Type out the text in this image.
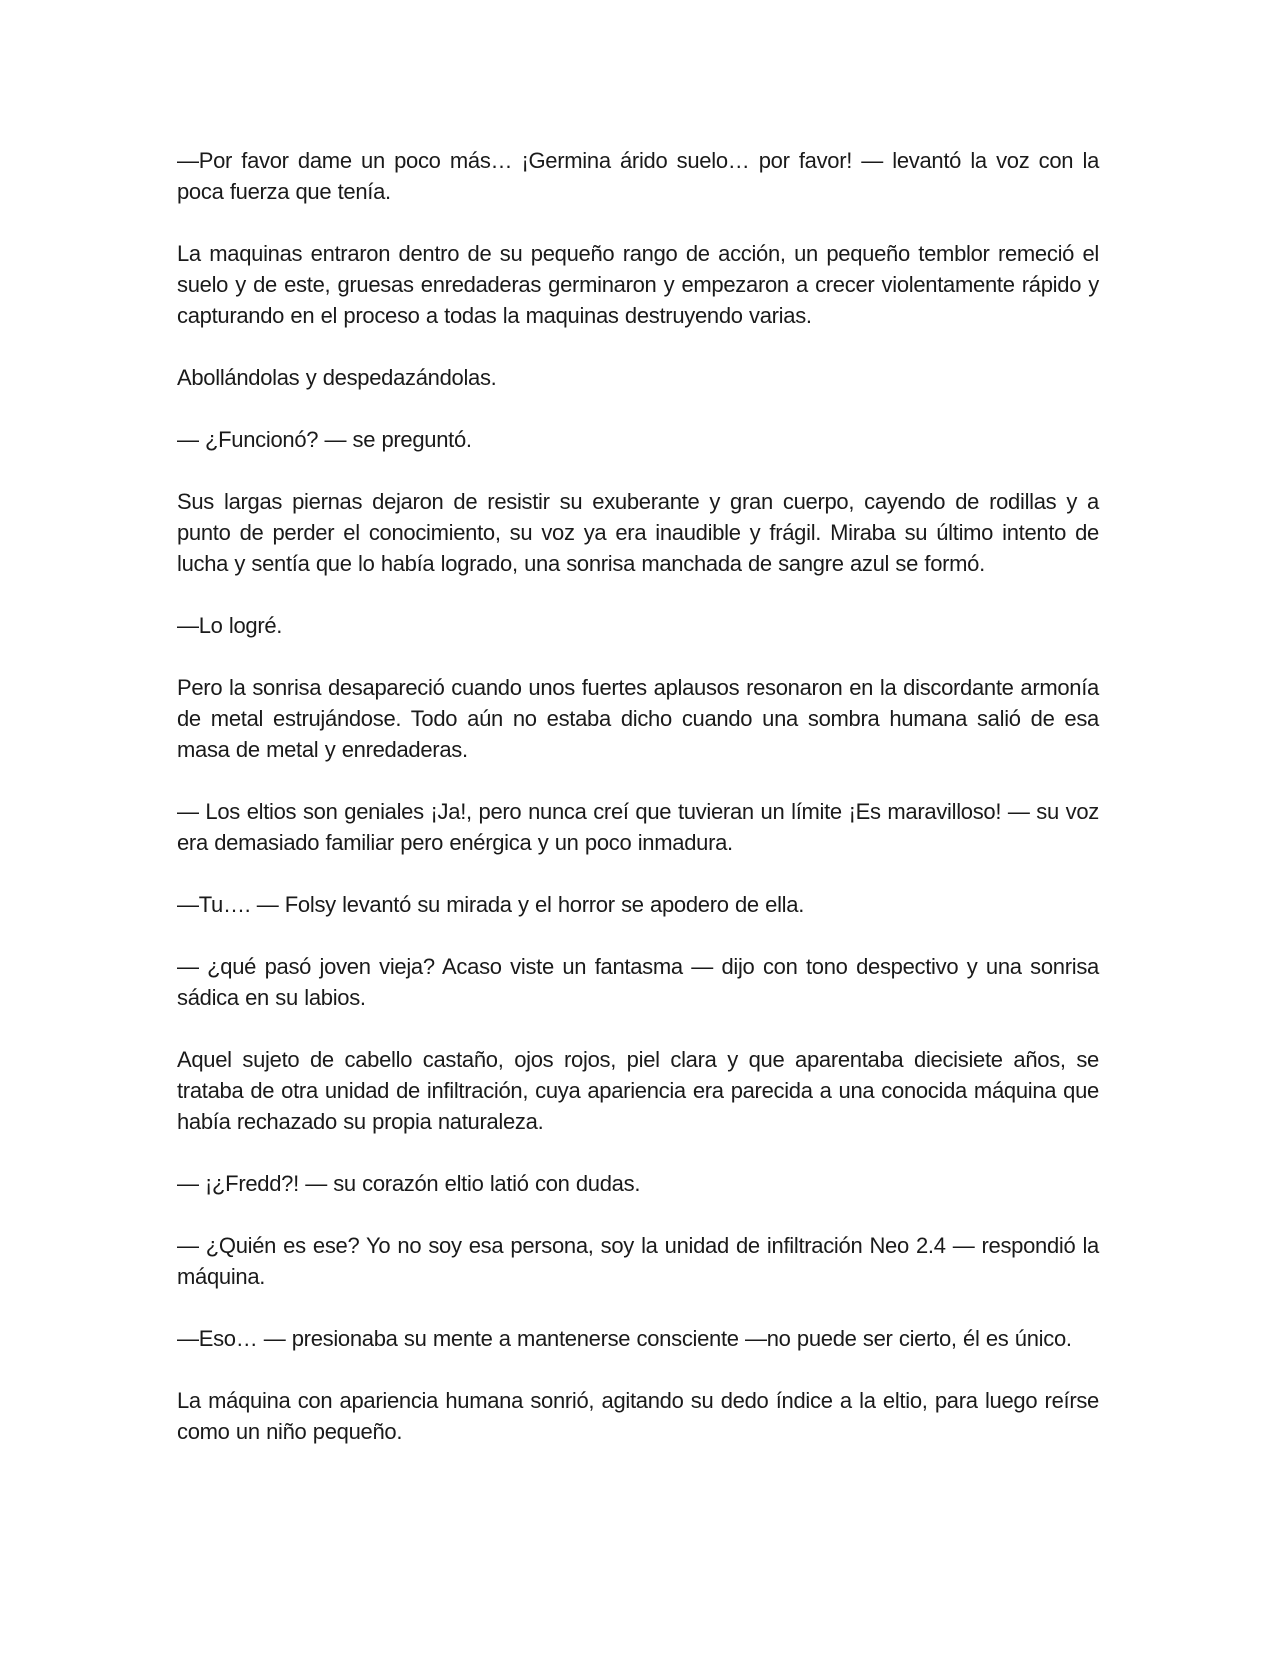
—Por favor dame un poco más… ¡Germina árido suelo… por favor! — levantó la voz con la poca fuerza que tenía.

La maquinas entraron dentro de su pequeño rango de acción, un pequeño temblor remeció el suelo y de este, gruesas enredaderas germinaron y empezaron a crecer violentamente rápido y capturando en el proceso a todas la maquinas destruyendo varias.

Abollándolas y despedazándolas.

— ¿Funcionó? — se preguntó.

Sus largas piernas dejaron de resistir su exuberante y gran cuerpo, cayendo de rodillas y a punto de perder el conocimiento, su voz ya era inaudible y frágil. Miraba su último intento de lucha y sentía que lo había logrado, una sonrisa manchada de sangre azul se formó.

—Lo logré.

Pero la sonrisa desapareció cuando unos fuertes aplausos resonaron en la discordante armonía de metal estrujándose. Todo aún no estaba dicho cuando una sombra humana salió de esa masa de metal y enredaderas.

— Los eltios son geniales ¡Ja!, pero nunca creí que tuvieran un límite ¡Es maravilloso! — su voz era demasiado familiar pero enérgica y un poco inmadura.

—Tu…. — Folsy levantó su mirada y el horror se apodero de ella.

— ¿qué pasó joven vieja? Acaso viste un fantasma — dijo con tono despectivo y una sonrisa sádica en su labios.

Aquel sujeto de cabello castaño, ojos rojos, piel clara y que aparentaba diecisiete años, se trataba de otra unidad de infiltración, cuya apariencia era parecida a una conocida máquina que había rechazado su propia naturaleza.

— ¡¿Fredd?! — su corazón eltio latió con dudas.

— ¿Quién es ese? Yo no soy esa persona, soy la unidad de infiltración Neo 2.4 — respondió la máquina.

—Eso… — presionaba su mente a mantenerse consciente —no puede ser cierto, él es único.

La máquina con apariencia humana sonrió, agitando su dedo índice a la eltio, para luego reírse como un niño pequeño.
